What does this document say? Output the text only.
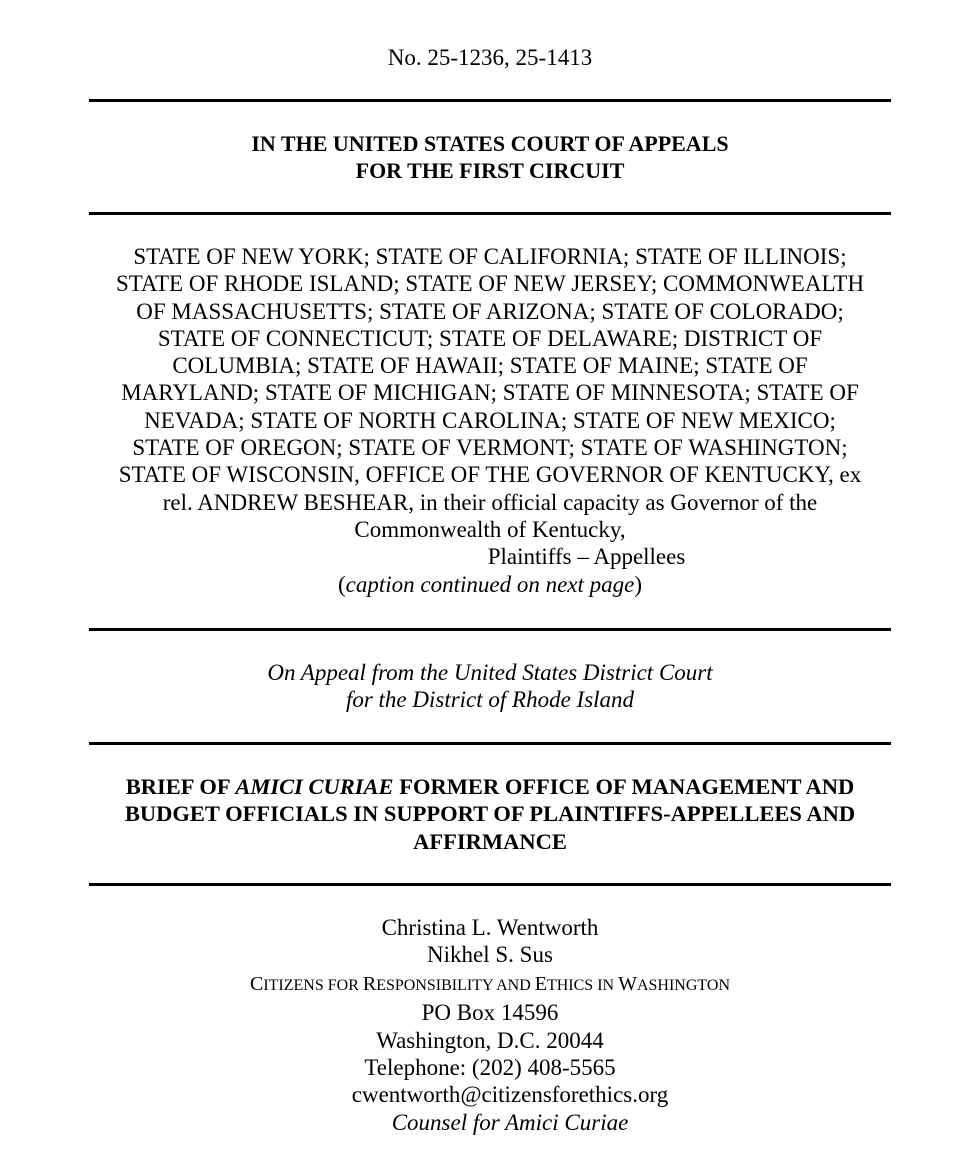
No. 25-1236, 25-1413
IN THE UNITED STATES COURT OF APPEALS
FOR THE FIRST CIRCUIT
STATE OF NEW YORK; STATE OF CALIFORNIA; STATE OF ILLINOIS;
STATE OF RHODE ISLAND; STATE OF NEW JERSEY; COMMONWEALTH
OF MASSACHUSETTS; STATE OF ARIZONA; STATE OF COLORADO;
STATE OF CONNECTICUT; STATE OF DELAWARE; DISTRICT OF
COLUMBIA; STATE OF HAWAII; STATE OF MAINE; STATE OF
MARYLAND; STATE OF MICHIGAN; STATE OF MINNESOTA; STATE OF
NEVADA; STATE OF NORTH CAROLINA; STATE OF NEW MEXICO;
STATE OF OREGON; STATE OF VERMONT; STATE OF WASHINGTON;
STATE OF WISCONSIN, OFFICE OF THE GOVERNOR OF KENTUCKY, ex
rel. ANDREW BESHEAR, in their official capacity as Governor of the
Commonwealth of Kentucky,
Plaintiffs – Appellees
(caption continued on next page)
On Appeal from the United States District Court
for the District of Rhode Island
BRIEF OF AMICI CURIAE FORMER OFFICE OF MANAGEMENT AND
BUDGET OFFICIALS IN SUPPORT OF PLAINTIFFS-APPELLEES AND
AFFIRMANCE
Christina L. Wentworth
Nikhel S. Sus
CITIZENS FOR RESPONSIBILITY AND ETHICS IN WASHINGTON
PO Box 14596
Washington, D.C. 20044
Telephone: (202) 408-5565
cwentworth@citizensforethics.org
Counsel for Amici Curiae
